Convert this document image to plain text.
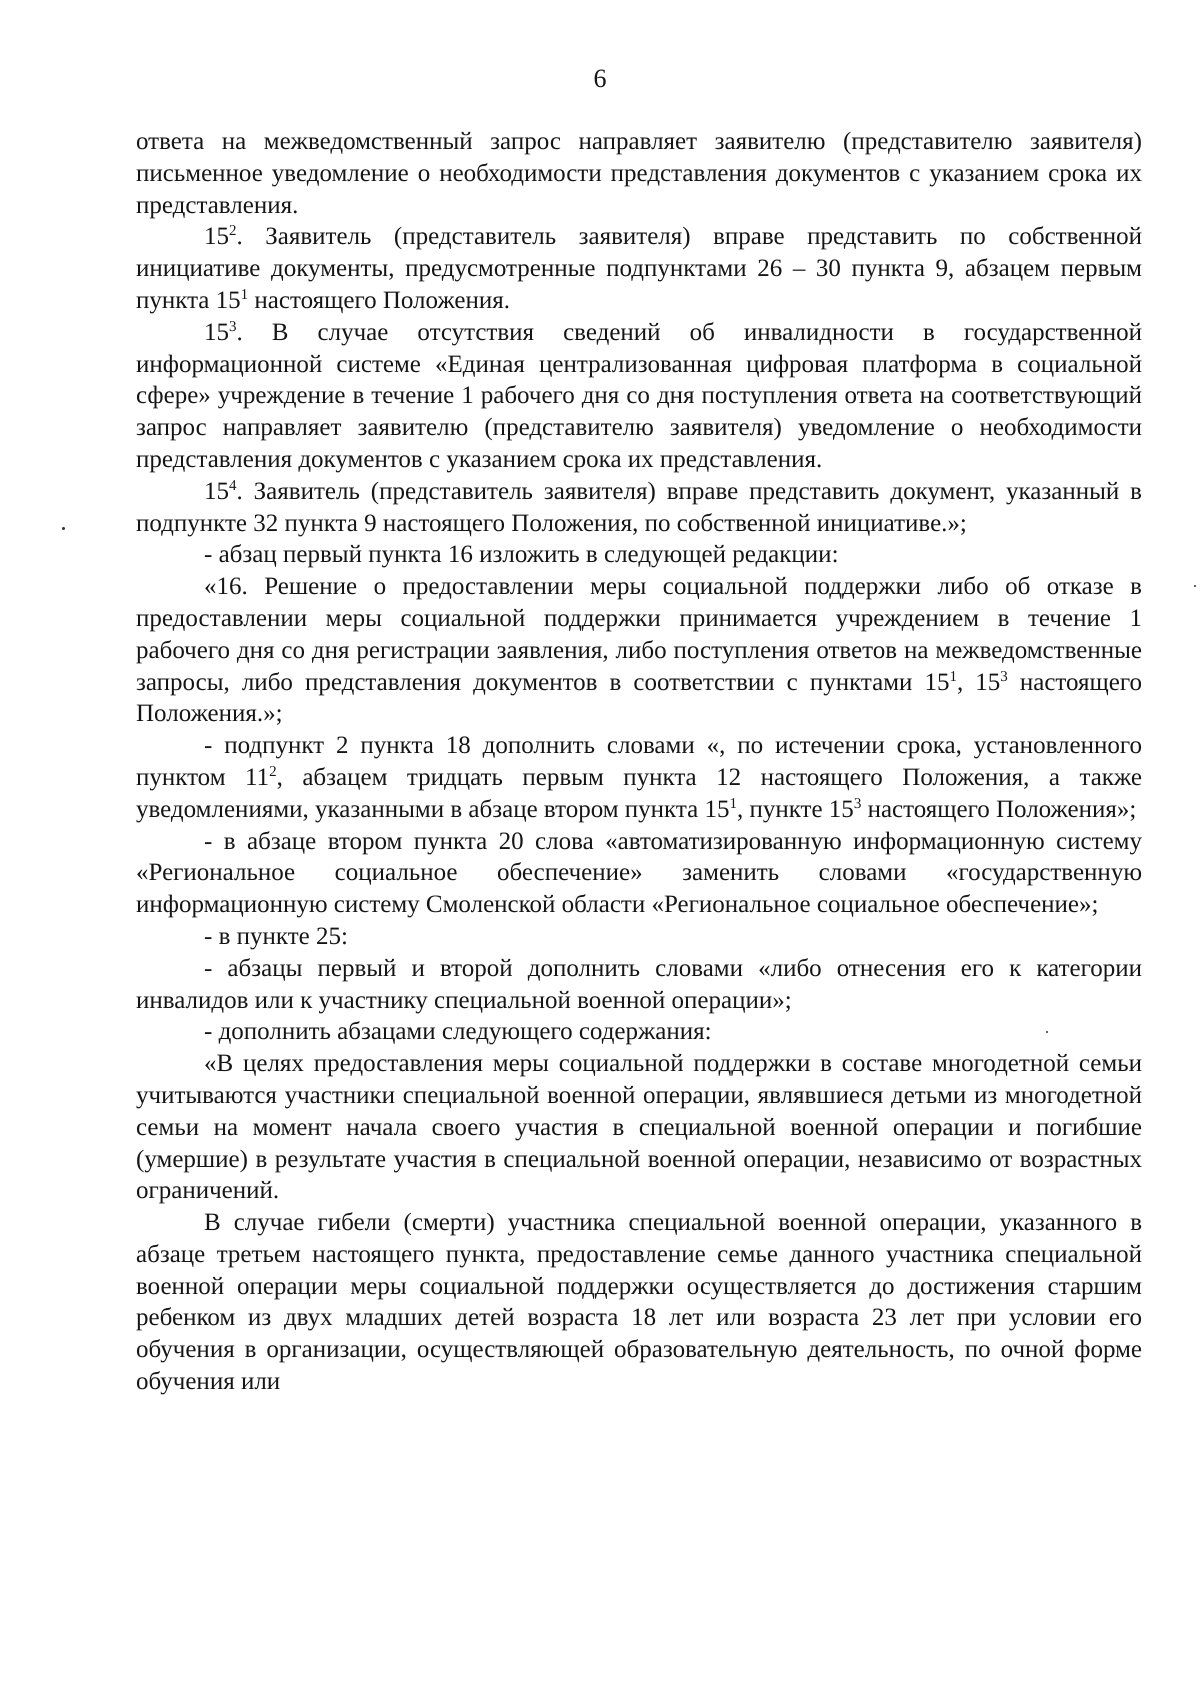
6

ответа на межведомственный запрос направляет заявителю (представителю заявителя) письменное уведомление о необходимости представления документов с указанием срока их представления.

$15^2$. Заявитель (представитель заявителя) вправе представить по собственной инициативе документы, предусмотренные подпунктами 26 – 30 пункта 9, абзацем первым пункта $15^1$ настоящего Положения.

$15^3$. В случае отсутствия сведений об инвалидности в государственной информационной системе «Единая централизованная цифровая платформа в социальной сфере» учреждение в течение 1 рабочего дня со дня поступления ответа на соответствующий запрос направляет заявителю (представителю заявителя) уведомление о необходимости представления документов с указанием срока их представления.

$15^4$. Заявитель (представитель заявителя) вправе представить документ, указанный в подпункте 32 пункта 9 настоящего Положения, по собственной инициативе.»;

- абзац первый пункта 16 изложить в следующей редакции:

«16. Решение о предоставлении меры социальной поддержки либо об отказе в предоставлении меры социальной поддержки принимается учреждением в течение 1 рабочего дня со дня регистрации заявления, либо поступления ответов на межведомственные запросы, либо представления документов в соответствии с пунктами $15^1$, $15^3$ настоящего Положения.»;

- подпункт 2 пункта 18 дополнить словами «, по истечении срока, установленного пунктом $11^2$, абзацем тридцать первым пункта 12 настоящего Положения, а также уведомлениями, указанными в абзаце втором пункта $15^1$, пункте $15^3$ настоящего Положения»;

- в абзаце втором пункта 20 слова «автоматизированную информационную систему «Региональное социальное обеспечение» заменить словами «государственную информационную систему Смоленской области «Региональное социальное обеспечение»;

- в пункте 25:

- абзацы первый и второй дополнить словами «либо отнесения его к категории инвалидов или к участнику специальной военной операции»;

- дополнить абзацами следующего содержания:

«В целях предоставления меры социальной поддержки в составе многодетной семьи учитываются участники специальной военной операции, являвшиеся детьми из многодетной семьи на момент начала своего участия в специальной военной операции и погибшие (умершие) в результате участия в специальной военной операции, независимо от возрастных ограничений.

В случае гибели (смерти) участника специальной военной операции, указанного в абзаце третьем настоящего пункта, предоставление семье данного участника специальной военной операции меры социальной поддержки осуществляется до достижения старшим ребенком из двух младших детей возраста 18 лет или возраста 23 лет при условии его обучения в организации, осуществляющей образовательную деятельность, по очной форме обучения или
